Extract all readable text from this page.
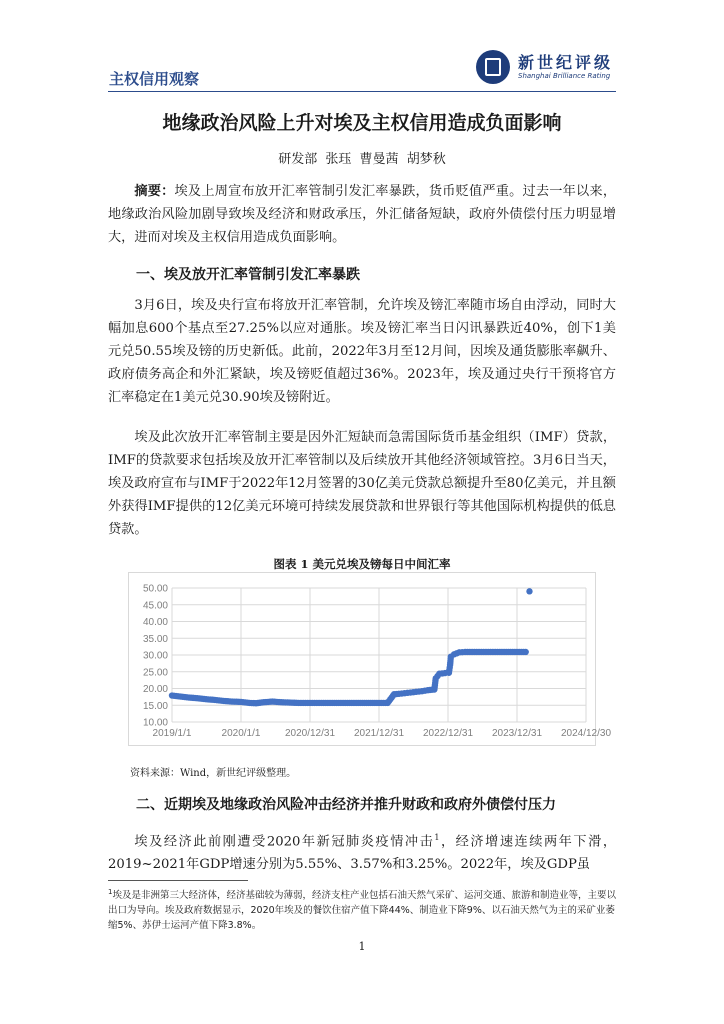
主权信用观察
新世纪评级
Shanghai Brilliance Rating
地缘政治风险上升对埃及主权信用造成负面影响
研发部 张珏 曹曼茜 胡梦秋

摘要：埃及上周宣布放开汇率管制引发汇率暴跌，货币贬值严重。过去一年以来，地缘政治风险加剧导致埃及经济和财政承压，外汇储备短缺，政府外债偿付压力明显增大，进而对埃及主权信用造成负面影响。

一、埃及放开汇率管制引发汇率暴跌

3月6日，埃及央行宣布将放开汇率管制，允许埃及镑汇率随市场自由浮动，同时大幅加息600个基点至27.25%以应对通胀。埃及镑汇率当日闪讯暴跌近40%，创下1美元兑50.55埃及镑的历史新低。此前，2022年3月至12月间，因埃及通货膨胀率飙升、政府债务高企和外汇紧缺，埃及镑贬值超过36%。2023年，埃及通过央行干预将官方汇率稳定在1美元兑30.90埃及镑附近。

埃及此次放开汇率管制主要是因外汇短缺而急需国际货币基金组织（IMF）贷款，IMF的贷款要求包括埃及放开汇率管制以及后续放开其他经济领域管控。3月6日当天，埃及政府宣布与IMF于2022年12月签署的30亿美元贷款总额提升至80亿美元，并且额外获得IMF提供的12亿美元环境可持续发展贷款和世界银行等其他国际机构提供的低息贷款。

图表 1 美元兑埃及镑每日中间汇率
10.00
15.00
20.00
25.00
30.00
35.00
40.00
45.00
50.00
2019/1/1	2020/1/1 2020/12/31 2021/12/31 2022/12/31 2023/12/31 2024/12/30
资料来源：Wind，新世纪评级整理。
二、近期埃及地缘政治风险冲击经济并推升财政和政府外债偿付压力

埃及经济此前刚遭受2020年新冠肺炎疫情冲击$^1$，经济增速连续两年下滑，2019~2021年GDP增速分别为5.55%、3.57%和3.25%。2022年，埃及GDP虽

$^1$埃及是非洲第三大经济体，经济基础较为薄弱，经济支柱产业包括石油天然气采矿、运河交通、旅游和制造业等，主要以出口为导向。埃及政府数据显示，2020年埃及的餐饮住宿产值下降44%、制造业下降9%、以石油天然气为主的采矿业萎缩5%、苏伊士运河产值下降3.8%。
1
